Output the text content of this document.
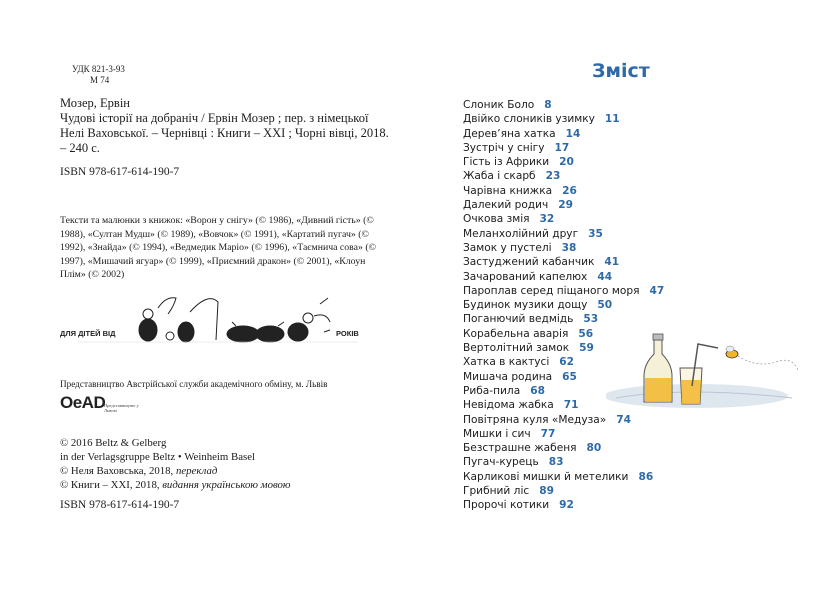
УДК 821-3-93
М 74
Мозер, Ервін
Чудові історії на добраніч / Ервін Мозер ; пер. з німецької Нелі Ваховської. – Чернівці : Книги – XXI ; Чорні вівці, 2018. – 240 с.
ISBN 978-617-614-190-7
Тексти та малюнки з книжок: «Ворон у снігу» (© 1986), «Дивний гість» (© 1988), «Султан Мудш» (© 1989), «Вовчок» (© 1991), «Картатий пугач» (© 1992), «Знайда» (© 1994), «Ведмедик Маріо» (© 1996), «Таємнича сова» (© 1997), «Мишачий ягуар» (© 1999), «Приємний дракон» (© 2001), «Клоун Плім» (© 2002)
ДЛЯ ДІТЕЙ ВІД	РОКІВ
Представництво Австрійської служби академічного обміну, м. Львів
OeAD
Представництво у Львові
© 2016 Beltz & Gelberg
in der Verlagsgruppe Beltz • Weinheim Basel
© Неля Ваховська, 2018, переклад
© Книги – XXI, 2018, видання українською мовою
ISBN 978-617-614-190-7
Зміст
Слоник Боло 8
Двійко слоників узимку 11
Дерев’яна хатка 14
Зустріч у снігу 17
Гість із Африки 20
Жаба і скарб 23
Чарівна книжка 26
Далекий родич 29
Очкова змія 32
Меланхолійний друг 35
Замок у пустелі 38
Застуджений кабанчик 41
Зачарований капелюх 44
Пароплав серед піщаного моря 47
Будинок музики дощу 50
Поганючий ведмідь 53
Корабельна аварія 56
Вертолітний замок 59
Хатка в кактусі 62
Мишача родина 65
Риба-пила 68
Невідома жабка 71
Повітряна куля «Медуза» 74
Мишки і сич 77
Безстрашне жабеня 80
Пугач-курець 83
Карликові мишки й метелики 86
Грибний ліс 89
Пророчі котики 92
